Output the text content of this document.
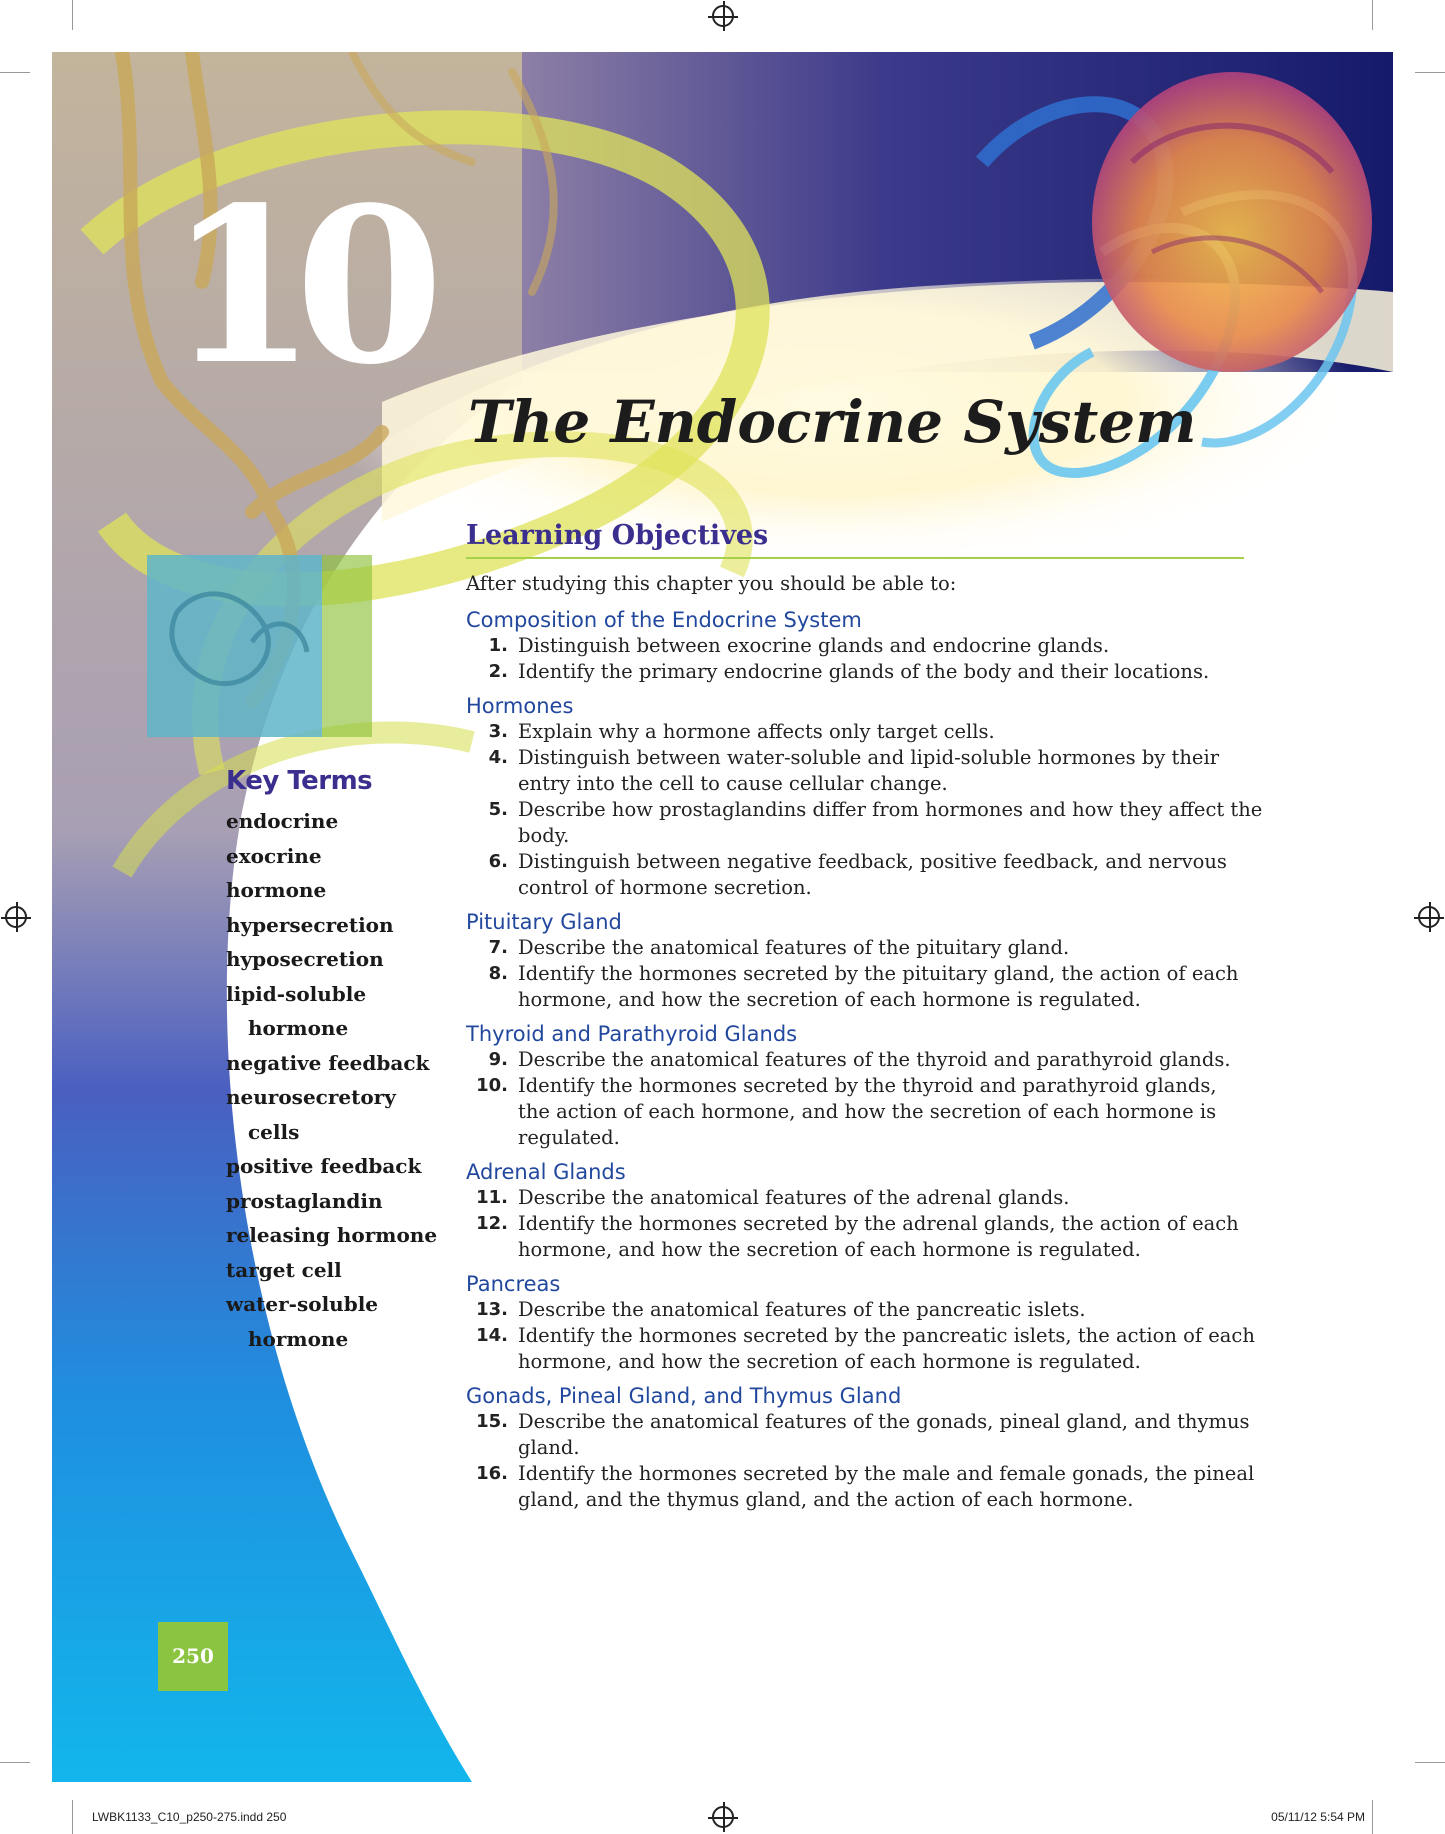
10
The Endocrine System
Learning Objectives
After studying this chapter you should be able to:
Composition of the Endocrine System
1. Distinguish between exocrine glands and endocrine glands.
2. Identify the primary endocrine glands of the body and their locations.
Hormones
3. Explain why a hormone affects only target cells.
4. Distinguish between water-soluble and lipid-soluble hormones by their
entry into the cell to cause cellular change.
5. Describe how prostaglandins differ from hormones and how they affect the
body.
6. Distinguish between negative feedback, positive feedback, and nervous
control of hormone secretion.
Pituitary Gland
7. Describe the anatomical features of the pituitary gland.
8. Identify the hormones secreted by the pituitary gland, the action of each
hormone, and how the secretion of each hormone is regulated.
Thyroid and Parathyroid Glands
9. Describe the anatomical features of the thyroid and parathyroid glands.
10. Identify the hormones secreted by the thyroid and parathyroid glands,
the action of each hormone, and how the secretion of each hormone is
regulated.
Adrenal Glands
11. Describe the anatomical features of the adrenal glands.
12. Identify the hormones secreted by the adrenal glands, the action of each
hormone, and how the secretion of each hormone is regulated.
Pancreas
13. Describe the anatomical features of the pancreatic islets.
14. Identify the hormones secreted by the pancreatic islets, the action of each
hormone, and how the secretion of each hormone is regulated.
Gonads, Pineal Gland, and Thymus Gland
15. Describe the anatomical features of the gonads, pineal gland, and thymus
gland.
16. Identify the hormones secreted by the male and female gonads, the pineal
gland, and the thymus gland, and the action of each hormone.
Key Terms
endocrine
exocrine
hormone
hypersecretion
hyposecretion
lipid-soluble
hormone
negative feedback
neurosecretory
cells
positive feedback
prostaglandin
releasing hormone
target cell
water-soluble
hormone
250
LWBK1133_C10_p250-275.indd 250	05/11/12 5:54 PM
